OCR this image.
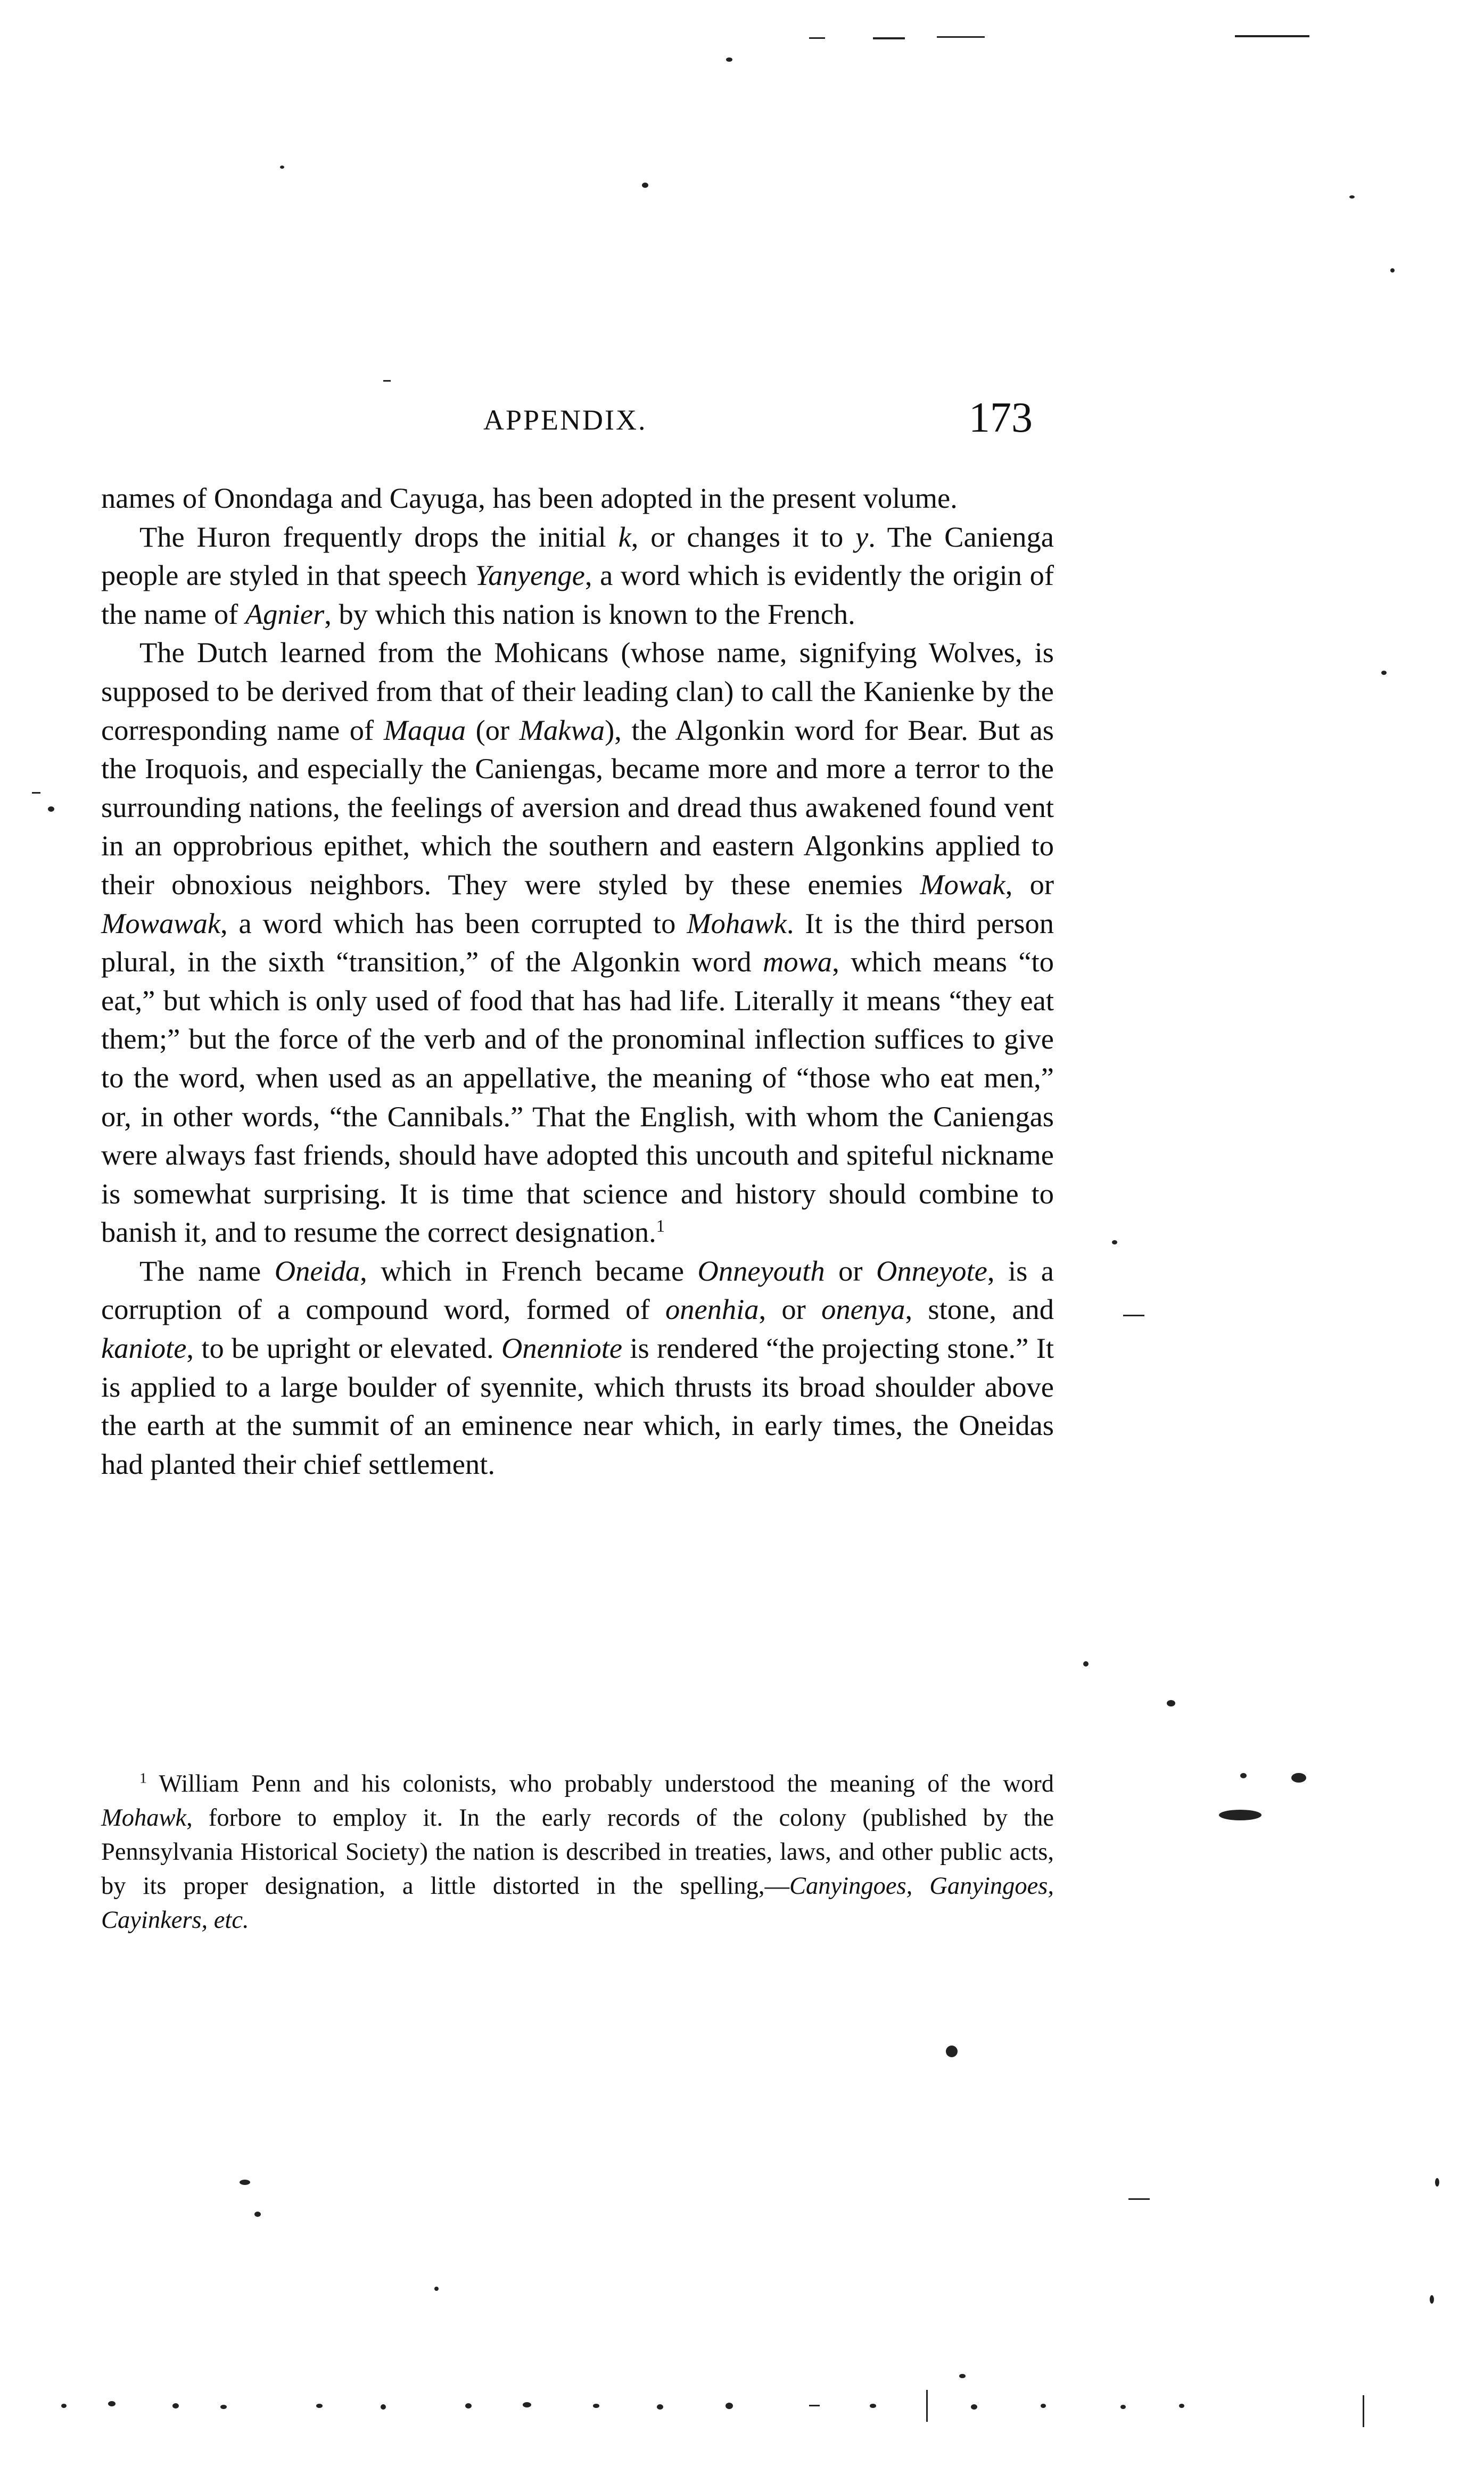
APPENDIX.	173

names of Onondaga and Cayuga, has been adopted in the present volume.

The Huron frequently drops the initial k, or changes it to y. The Canienga people are styled in that speech Yanyenge, a word which is evidently the origin of the name of Agnier, by which this nation is known to the French.

The Dutch learned from the Mohicans (whose name, signifying Wolves, is supposed to be derived from that of their leading clan) to call the Kanienke by the corresponding name of Maqua (or Makwa), the Algonkin word for Bear. But as the Iroquois, and especially the Caniengas, became more and more a terror to the surrounding nations, the feelings of aversion and dread thus awakened found vent in an opprobrious epithet, which the southern and eastern Algonkins applied to their obnoxious neighbors. They were styled by these enemies Mowak, or Mowawak, a word which has been corrupted to Mohawk. It is the third person plural, in the sixth “transition,” of the Algonkin word mowa, which means “to eat,” but which is only used of food that has had life. Literally it means “they eat them;” but the force of the verb and of the pronominal inflection suffices to give to the word, when used as an appellative, the meaning of “those who eat men,” or, in other words, “the Cannibals.” That the English, with whom the Caniengas were always fast friends, should have adopted this uncouth and spiteful nickname is somewhat surprising. It is time that science and history should combine to banish it, and to resume the correct designation.$^1$

The name Oneida, which in French became Onneyouth or Onneyote, is a corruption of a compound word, formed of onenhia, or onenya, stone, and kaniote, to be upright or elevated. Onenniote is rendered “the projecting stone.” It is applied to a large boulder of syennite, which thrusts its broad shoulder above the earth at the summit of an eminence near which, in early times, the Oneidas had planted their chief settlement.

$^1$ William Penn and his colonists, who probably understood the meaning of the word Mohawk, forbore to employ it. In the early records of the colony (published by the Pennsylvania Historical Society) the nation is described in treaties, laws, and other public acts, by its proper designation, a little distorted in the spelling,—Canyingoes, Ganyingoes, Cayinkers, etc.
